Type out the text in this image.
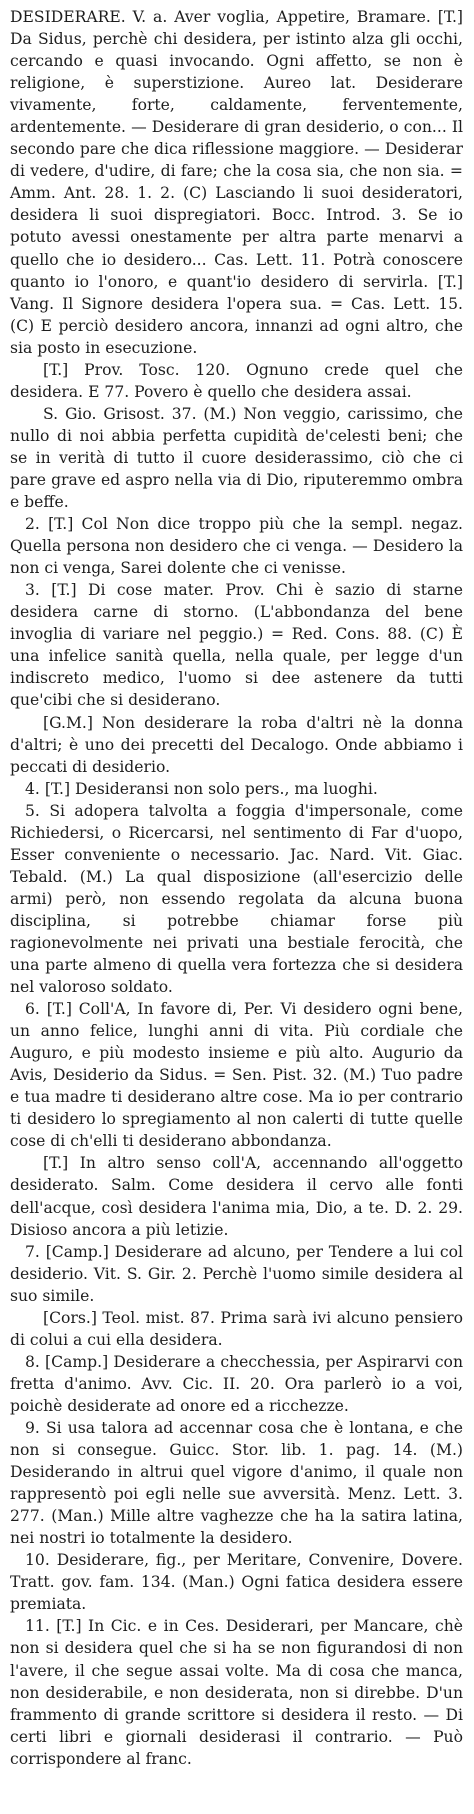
DESIDERARE. V. a. Aver voglia, Appetire, Bramare. [T.] Da Sidus, perchè chi desidera, per istinto alza gli occhi, cercando e quasi invocando. Ogni affetto, se non è religione, è superstizione. Aureo lat. Desiderare vivamente, forte, caldamente, ferventemente, ardentemente. — Desiderare di gran desiderio, o con... Il secondo pare che dica riflessione maggiore. — Desiderar di vedere, d'udire, di fare; che la cosa sia, che non sia. = Amm. Ant. 28. 1. 2. (C) Lasciando li suoi desideratori, desidera li suoi dispregiatori. Bocc. Introd. 3. Se io potuto avessi onestamente per altra parte menarvi a quello che io desidero... Cas. Lett. 11. Potrà conoscere quanto io l'onoro, e quant'io desidero di servirla. [T.] Vang. Il Signore desidera l'opera sua. = Cas. Lett. 15. (C) E perciò desidero ancora, innanzi ad ogni altro, che sia posto in esecuzione.

[T.] Prov. Tosc. 120. Ognuno crede quel che desidera. E 77. Povero è quello che desidera assai.

S. Gio. Grisost. 37. (M.) Non veggio, carissimo, che nullo di noi abbia perfetta cupidità de'celesti beni; che se in verità di tutto il cuore desiderassimo, ciò che ci pare grave ed aspro nella via di Dio, riputeremmo ombra e beffe.

2. [T.] Col Non dice troppo più che la sempl. negaz. Quella persona non desidero che ci venga. — Desidero la non ci venga, Sarei dolente che ci venisse.

3. [T.] Di cose mater. Prov. Chi è sazio di starne desidera carne di storno. (L'abbondanza del bene invoglia di variare nel peggio.) = Red. Cons. 88. (C) È una infelice sanità quella, nella quale, per legge d'un indiscreto medico, l'uomo si dee astenere da tutti que'cibi che si desiderano.

[G.M.] Non desiderare la roba d'altri nè la donna d'altri; è uno dei precetti del Decalogo. Onde abbiamo i peccati di desiderio.

4. [T.] Desideransi non solo pers., ma luoghi.

5. Si adopera talvolta a foggia d'impersonale, come Richiedersi, o Ricercarsi, nel sentimento di Far d'uopo, Esser conveniente o necessario. Jac. Nard. Vit. Giac. Tebald. (M.) La qual disposizione (all'esercizio delle armi) però, non essendo regolata da alcuna buona disciplina, si potrebbe chiamar forse più ragionevolmente nei privati una bestiale ferocità, che una parte almeno di quella vera fortezza che si desidera nel valoroso soldato.

6. [T.] Coll'A, In favore di, Per. Vi desidero ogni bene, un anno felice, lunghi anni di vita. Più cordiale che Auguro, e più modesto insieme e più alto. Augurio da Avis, Desiderio da Sidus. = Sen. Pist. 32. (M.) Tuo padre e tua madre ti desiderano altre cose. Ma io per contrario ti desidero lo spregiamento al non calerti di tutte quelle cose di ch'elli ti desiderano abbondanza.

[T.] In altro senso coll'A, accennando all'oggetto desiderato. Salm. Come desidera il cervo alle fonti dell'acque, così desidera l'anima mia, Dio, a te. D. 2. 29. Disioso ancora a più letizie.

7. [Camp.] Desiderare ad alcuno, per Tendere a lui col desiderio. Vit. S. Gir. 2. Perchè l'uomo simile desidera al suo simile.

[Cors.] Teol. mist. 87. Prima sarà ivi alcuno pensiero di colui a cui ella desidera.

8. [Camp.] Desiderare a checchessia, per Aspirarvi con fretta d'animo. Avv. Cic. II. 20. Ora parlerò io a voi, poichè desiderate ad onore ed a ricchezze.

9. Si usa talora ad accennar cosa che è lontana, e che non si consegue. Guicc. Stor. lib. 1. pag. 14. (M.) Desiderando in altrui quel vigore d'animo, il quale non rappresentò poi egli nelle sue avversità. Menz. Lett. 3. 277. (Man.) Mille altre vaghezze che ha la satira latina, nei nostri io totalmente la desidero.

10. Desiderare, fig., per Meritare, Convenire, Dovere. Tratt. gov. fam. 134. (Man.) Ogni fatica desidera essere premiata.

11. [T.] In Cic. e in Ces. Desiderari, per Mancare, chè non si desidera quel che si ha se non figurandosi di non l'avere, il che segue assai volte. Ma di cosa che manca, non desiderabile, e non desiderata, non si direbbe. D'un frammento di grande scrittore si desidera il resto. — Di certi libri e giornali desiderasi il contrario. — Può corrispondere al franc.
